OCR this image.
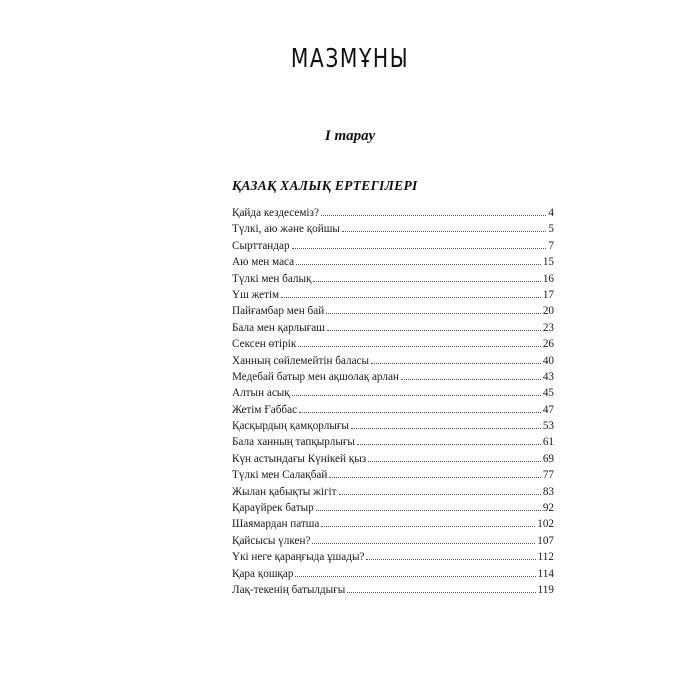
МАЗМҰНЫ
І тарау
ҚАЗАҚ ХАЛЫҚ ЕРТЕГІЛЕРІ
Қайда кездесеміз?	4
Түлкі, аю және қойшы	5
Сырттандар	7
Аю мен маса	15
Түлкі мен балық	16
Үш жетім	17
Пайғамбар мен бай	20
Бала мен қарлығаш	23
Сексен өтірік	26
Ханның сөйлемейтін баласы	40
Медебай батыр мен ақшолақ арлан	43
Алтын асық	45
Жетім Ғаббас	47
Қасқырдың қамқорлығы	53
Бала ханның тапқырлығы	61
Күн астындағы Күнікей қыз	69
Түлкі мен Салақбай	77
Жылан қабықты жігіт	83
Қараүйрек батыр	92
Шаямардан патша	102
Қайсысы үлкен?	107
Үкі неге қараңғыда ұшады?	112
Қара қошқар	114
Лақ-текенің батылдығы	119
